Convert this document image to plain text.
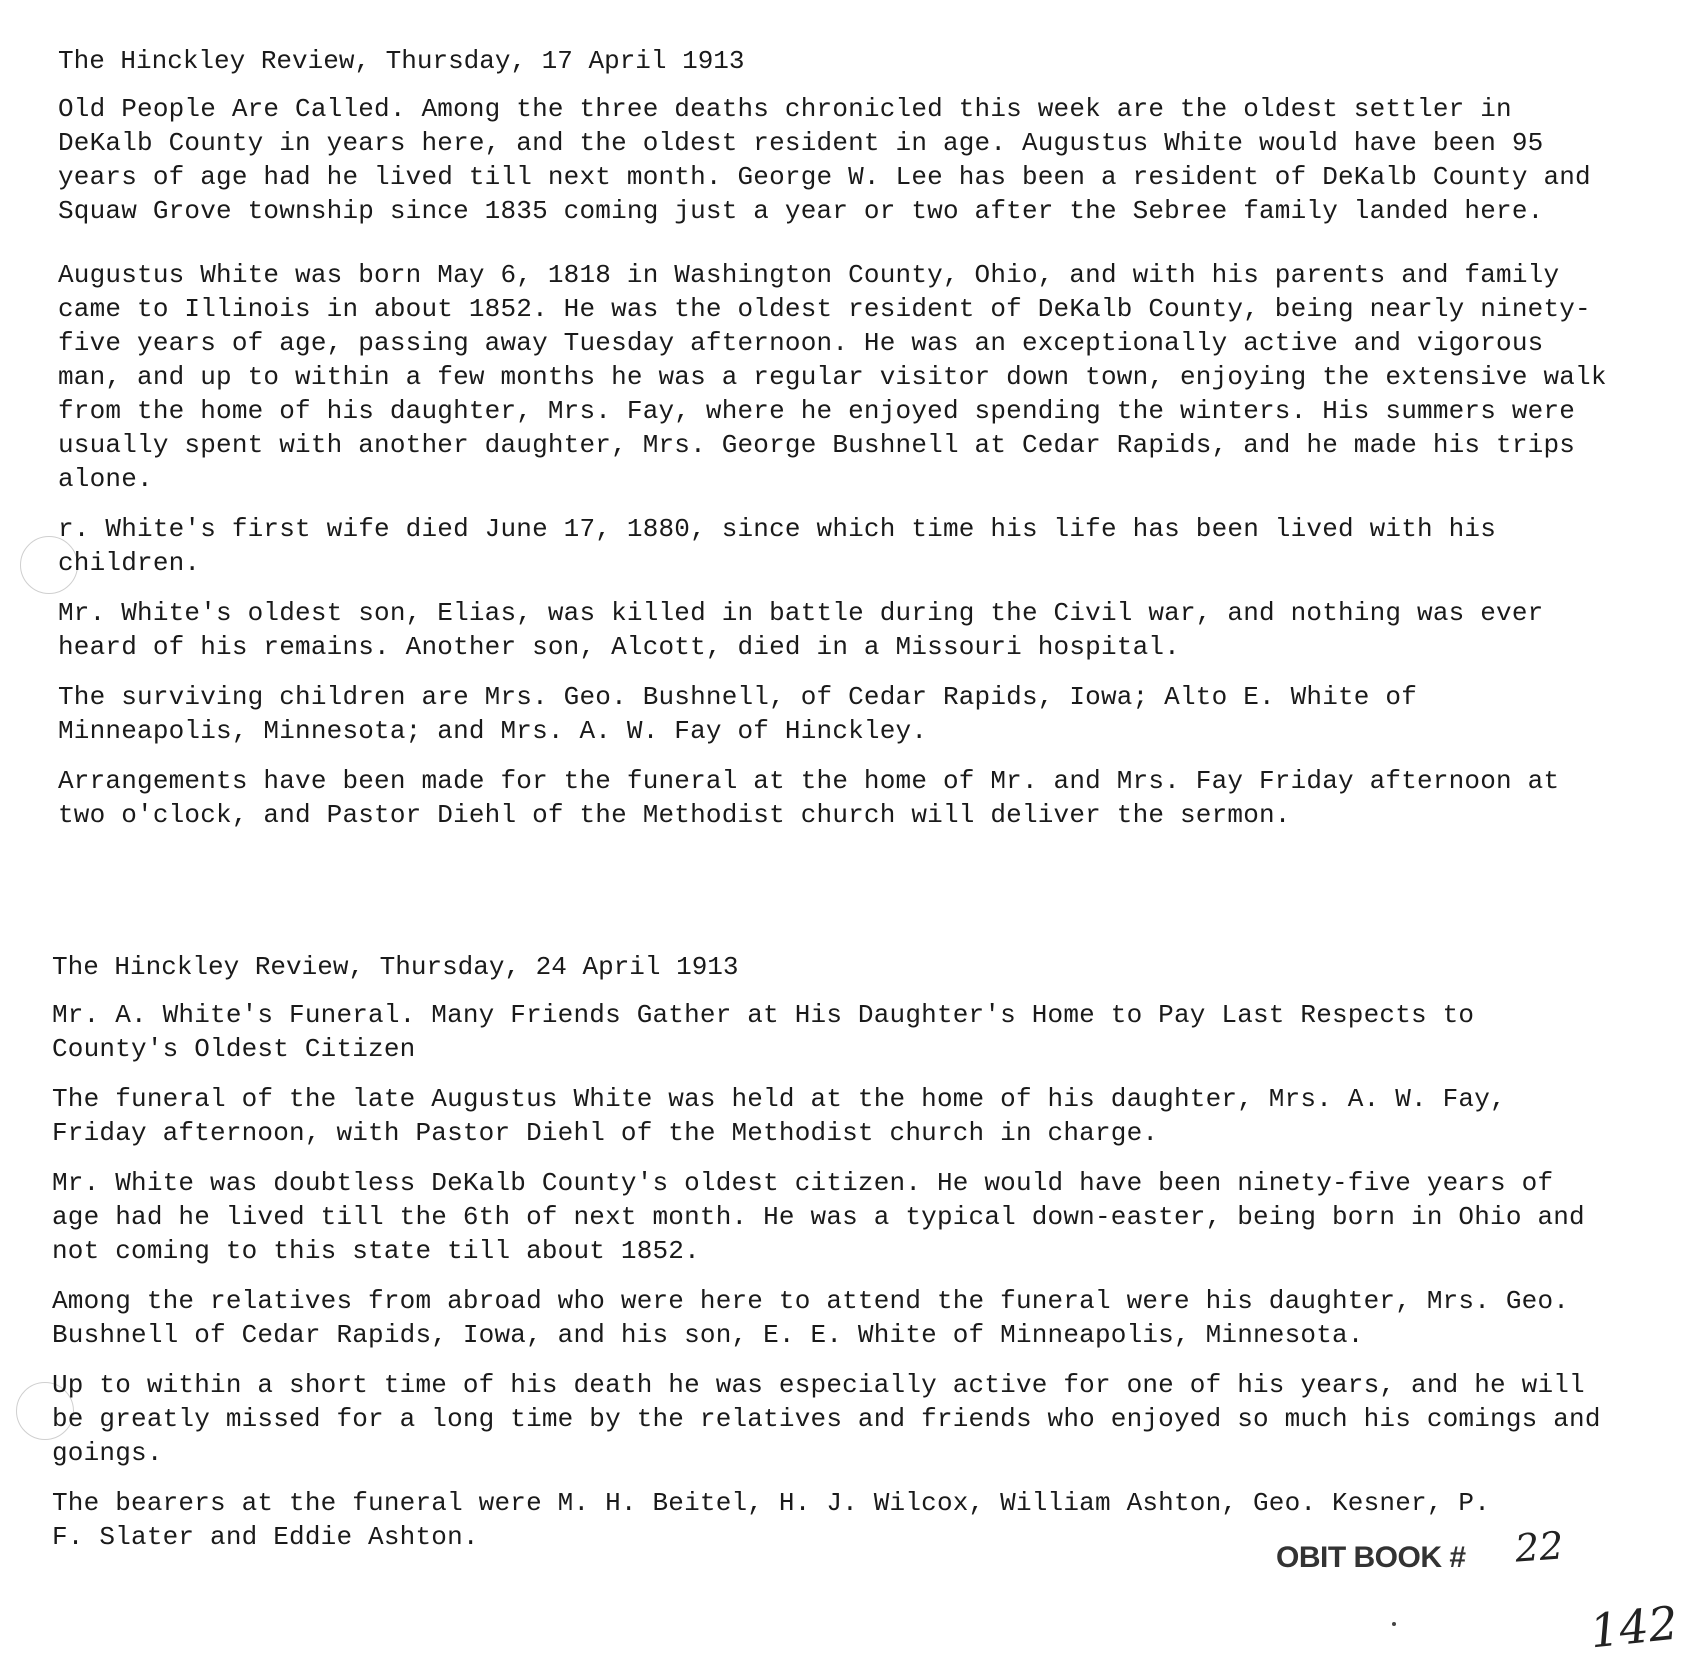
The Hinckley Review, Thursday, 17 April 1913

Old People Are Called. Among the three deaths chronicled this week are the oldest settler in DeKalb County in years here, and the oldest resident in age. Augustus White would have been 95 years of age had he lived till next month. George W. Lee has been a resident of DeKalb County and Squaw Grove township since 1835 coming just a year or two after the Sebree family landed here.

Augustus White was born May 6, 1818 in Washington County, Ohio, and with his parents and family came to Illinois in about 1852. He was the oldest resident of DeKalb County, being nearly ninety-five years of age, passing away Tuesday afternoon. He was an exceptionally active and vigorous man, and up to within a few months he was a regular visitor down town, enjoying the extensive walk from the home of his daughter, Mrs. Fay, where he enjoyed spending the winters. His summers were usually spent with another daughter, Mrs. George Bushnell at Cedar Rapids, and he made his trips alone.

r. White's first wife died June 17, 1880, since which time his life has been lived with his children.

Mr. White's oldest son, Elias, was killed in battle during the Civil war, and nothing was ever heard of his remains. Another son, Alcott, died in a Missouri hospital.

The surviving children are Mrs. Geo. Bushnell, of Cedar Rapids, Iowa; Alto E. White of Minneapolis, Minnesota; and Mrs. A. W. Fay of Hinckley.

Arrangements have been made for the funeral at the home of Mr. and Mrs. Fay Friday afternoon at two o'clock, and Pastor Diehl of the Methodist church will deliver the sermon.

The Hinckley Review, Thursday, 24 April 1913

Mr. A. White's Funeral. Many Friends Gather at His Daughter's Home to Pay Last Respects to County's Oldest Citizen

The funeral of the late Augustus White was held at the home of his daughter, Mrs. A. W. Fay, Friday afternoon, with Pastor Diehl of the Methodist church in charge.

Mr. White was doubtless DeKalb County's oldest citizen. He would have been ninety-five years of age had he lived till the 6th of next month. He was a typical down-easter, being born in Ohio and not coming to this state till about 1852.

Among the relatives from abroad who were here to attend the funeral were his daughter, Mrs. Geo. Bushnell of Cedar Rapids, Iowa, and his son, E. E. White of Minneapolis, Minnesota.

Up to within a short time of his death he was especially active for one of his years, and he will be greatly missed for a long time by the relatives and friends who enjoyed so much his comings and goings.

The bearers at the funeral were M. H. Beitel, H. J. Wilcox, William Ashton, Geo. Kesner, P. F. Slater and Eddie Ashton.

OBIT BOOK # 22
142
